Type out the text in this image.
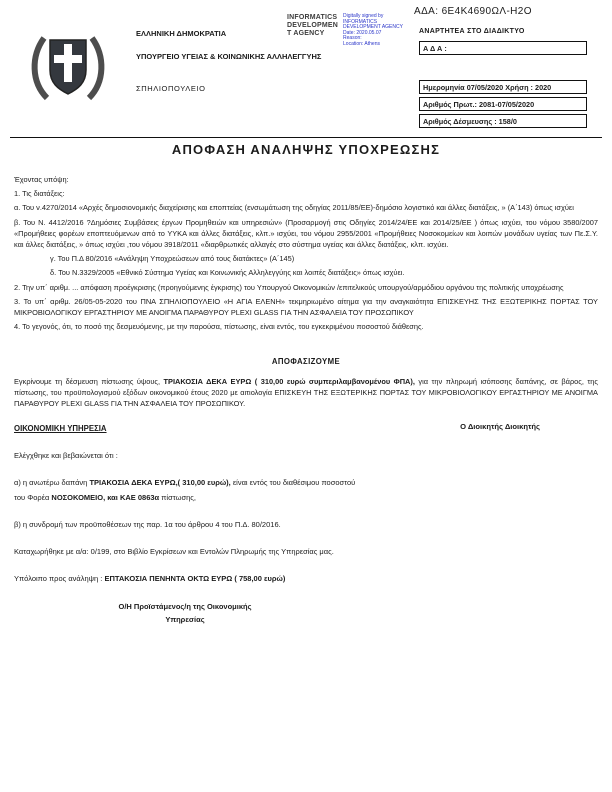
ΑΔΑ: 6Ε4Κ4690ΩΛ-Η2Ο
ΕΛΛΗΝΙΚΗ ΔΗΜΟΚΡΑΤΙΑ
ΥΠΟΥΡΓΕΙΟ ΥΓΕΙΑΣ & ΚΟΙΝΩΝΙΚΗΣ ΑΛΛΗΛΕΓΓΥΗΣ
ΣΠΗΛΙΟΠΟΥΛΕΙΟ
INFORMATICS
DEVELOPMEN
T AGENCY
Digitally signed by
INFORMATICS
DEVELOPMENT AGENCY
Date: 2020.05.07
Reason:
Location: Athens
ΑΝΑΡΤΗΤΕΑ ΣΤΟ ΔΙΑΔΙΚΤΥΟ
Α Δ Α :
Ημερομηνία 07/05/2020 Χρήση : 2020
Αριθμός Πρωτ.: 2081-07/05/2020
Αριθμός Δέσμευσης : 158/0
ΑΠΟΦΑΣΗ ΑΝΑΛΗΨΗΣ ΥΠΟΧΡΕΩΣΗΣ

Έχοντας υπόψη:

1. Τις διατάξεις:

α. Του ν.4270/2014 «Αρχές δημοσιονομικής διαχείρισης και εποπτείας (ενσωμάτωση της οδηγίας 2011/85/ΕΕ)-δημόσιο λογιστικό και άλλες διατάξεις, » (Α΄143) όπως ισχύει

β. Του Ν. 4412/2016 ?Δημόσιες Συμβάσεις έργων Προμηθειών και υπηρεσιών» (Προσαρμογή στις Οδηγίες 2014/24/ΕΕ και 2014/25/ΕΕ ) όπως ισχύει, του νόμου 3580/2007 «Προμήθειες φορέων εποπτευόμενων από το ΥΥΚΑ και άλλες διατάξεις, κλπ.» ισχύει, του νόμου 2955/2001 «Προμήθειες Νοσοκομείων και λοιπών μονάδων υγείας των Πε.Σ.Υ. και άλλες διατάξεις, » όπως ισχύει ,του νόμου 3918/2011 «διαρθρωτικές αλλαγές στο σύστημα υγείας και άλλες διατάξεις, κλπ. ισχύει.

γ. Του Π.Δ 80/2016 «Ανάληψη Υποχρεώσεων από τους διατάκτες» (Α΄145)

δ. Του Ν.3329/2005 «Εθνικό Σύστημα Υγείας και Κοινωνικής Αλληλεγγύης και λοιπές διατάξεις» όπως ισχύει.

2. Την υπ΄ αριθμ. ... απόφαση προέγκρισης (προηγούμενης έγκρισης) του Υπουργού Οικονομικών /επιτελικούς υπουργού/αρμόδιου οργάνου της πολιτικής υποχρέωσης

3. Το υπ΄ αριθμ. 26/05-05-2020 του ΠΝΑ ΣΠΗΛΙΟΠΟΥΛΕΙΟ «Η ΑΓΙΑ ΕΛΕΝΗ» τεκμηριωμένο αίτημα για την αναγκαιότητα ΕΠΙΣΚΕΥΗΣ ΤΗΣ ΕΞΩΤΕΡΙΚΗΣ ΠΟΡΤΑΣ ΤΟΥ ΜΙΚΡΟΒΙΟΛΟΓΙΚΟΥ ΕΡΓΑΣΤΗΡΙΟΥ ΜΕ ΑΝΟΙΓΜΑ ΠΑΡΑΘΥΡΟΥ PLEXI GLASS ΓΙΑ ΤΗΝ ΑΣΦΑΛΕΙΑ ΤΟΥ ΠΡΟΣΩΠΙΚΟΥ

4. Το γεγονός, ότι, το ποσό της δεσμευόμενης, με την παρούσα, πίστωσης, είναι εντός, του εγκεκριμένου ποσοστού διάθεσης.

ΑΠΟΦΑΣΙΖΟΥΜΕ

Εγκρίνουμε τη δέσμευση πίστωσης ύψους, ΤΡΙΑΚΟΣΙΑ ΔΕΚΑ ΕΥΡΩ ( 310,00 ευρώ συμπεριλαμβανομένου ΦΠΑ), για την πληρωμή ισόποσης δαπάνης, σε βάρος, της πίστωσης, του προϋπολογισμού εξόδων οικονομικού έτους 2020 με αιτιολογία ΕΠΙΣΚΕΥΗ ΤΗΣ ΕΞΩΤΕΡΙΚΗΣ ΠΟΡΤΑΣ ΤΟΥ ΜΙΚΡΟΒΙΟΛΟΓΙΚΟΥ ΕΡΓΑΣΤΗΡΙΟΥ ΜΕ ΑΝΟΙΓΜΑ ΠΑΡΑΘΥΡΟΥ PLEXI GLASS ΓΙΑ ΤΗΝ ΑΣΦΑΛΕΙΑ ΤΟΥ ΠΡΟΣΩΠΙΚΟΥ.

ΟΙΚΟΝΟΜΙΚΗ ΥΠΗΡΕΣΙΑ

Ελέγχθηκε και βεβαιώνεται ότι :

α) η ανωτέρω δαπάνη ΤΡΙΑΚΟΣΙΑ ΔΕΚΑ ΕΥΡΩ,( 310,00 ευρώ), είναι εντός του διαθέσιμου ποσοστού του Φορέα ΝΟΣΟΚΟΜΕΙΟ, και ΚΑΕ 0863α πίστωσης,

β) η συνδρομή των προϋποθέσεων της παρ. 1α του άρθρου 4 του Π.Δ. 80/2016.

Καταχωρήθηκε με α/α: 0/199, στο Βιβλίο Εγκρίσεων και Εντολών Πληρωμής της Υπηρεσίας μας.

Υπόλοιπο προς ανάληψη : ΕΠΤΑΚΟΣΙΑ ΠΕΝΗΝΤΑ ΟΚΤΩ ΕΥΡΩ ( 758,00 ευρώ)

Ο/Η Προϊστάμενος/η της Οικονομικής
Υπηρεσίας
Ο Διοικητής Διοικητής
